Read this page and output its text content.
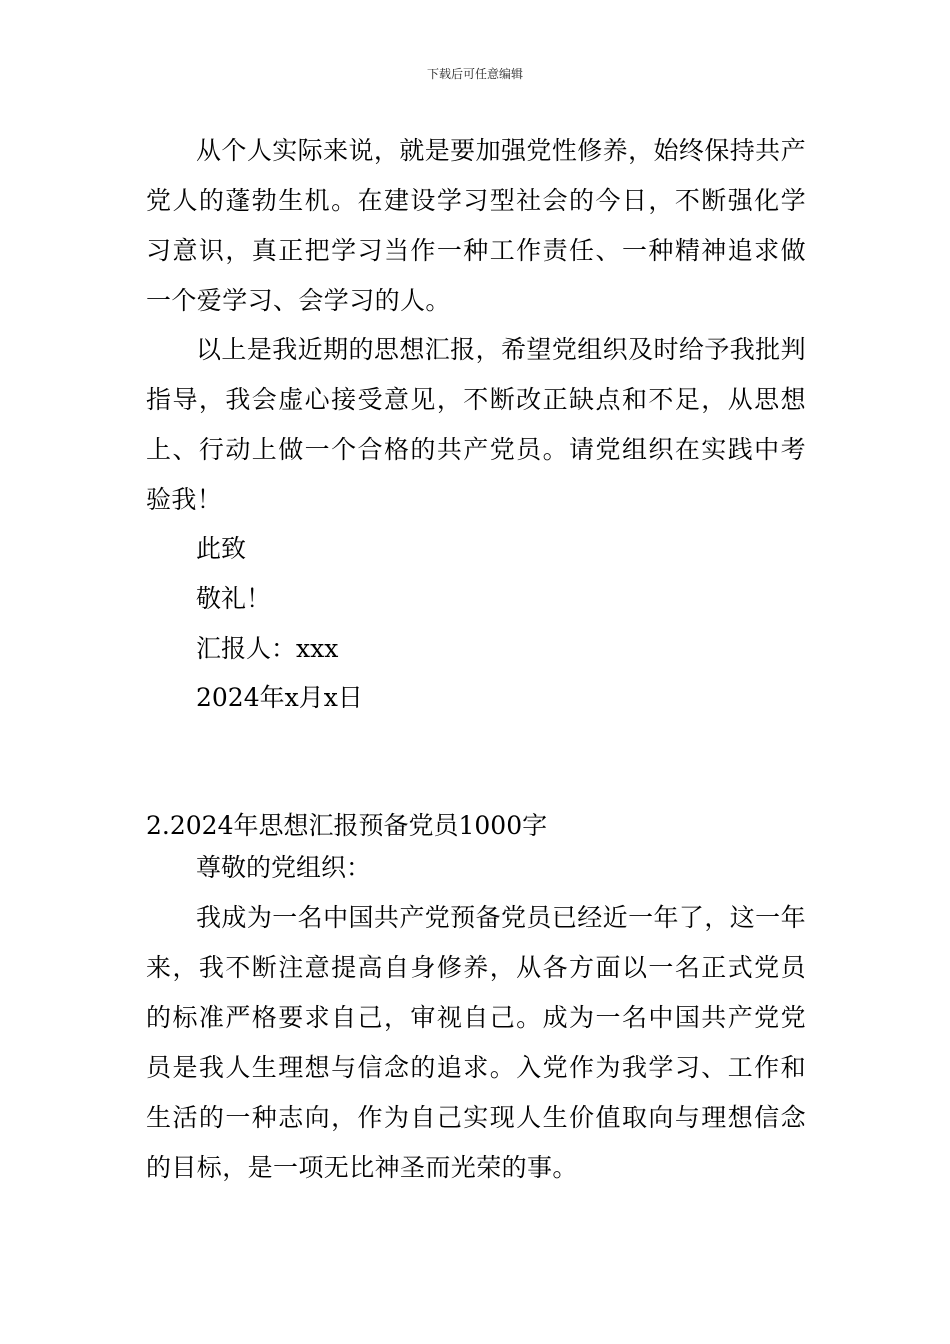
下载后可任意编辑

从个人实际来说，就是要加强党性修养，始终保持共产党人的蓬勃生机。在建设学习型社会的今日，不断强化学习意识，真正把学习当作一种工作责任、一种精神追求做一个爱学习、会学习的人。

以上是我近期的思想汇报，希望党组织及时给予我批判指导，我会虚心接受意见，不断改正缺点和不足，从思想上、行动上做一个合格的共产党员。请党组织在实践中考验我！

此致
敬礼！
汇报人：xxx
2024年x月x日
2.2024年思想汇报预备党员1000字
尊敬的党组织：

我成为一名中国共产党预备党员已经近一年了，这一年来，我不断注意提高自身修养，从各方面以一名正式党员的标准严格要求自己，审视自己。成为一名中国共产党党员是我人生理想与信念的追求。入党作为我学习、工作和生活的一种志向，作为自己实现人生价值取向与理想信念的目标，是一项无比神圣而光荣的事。
